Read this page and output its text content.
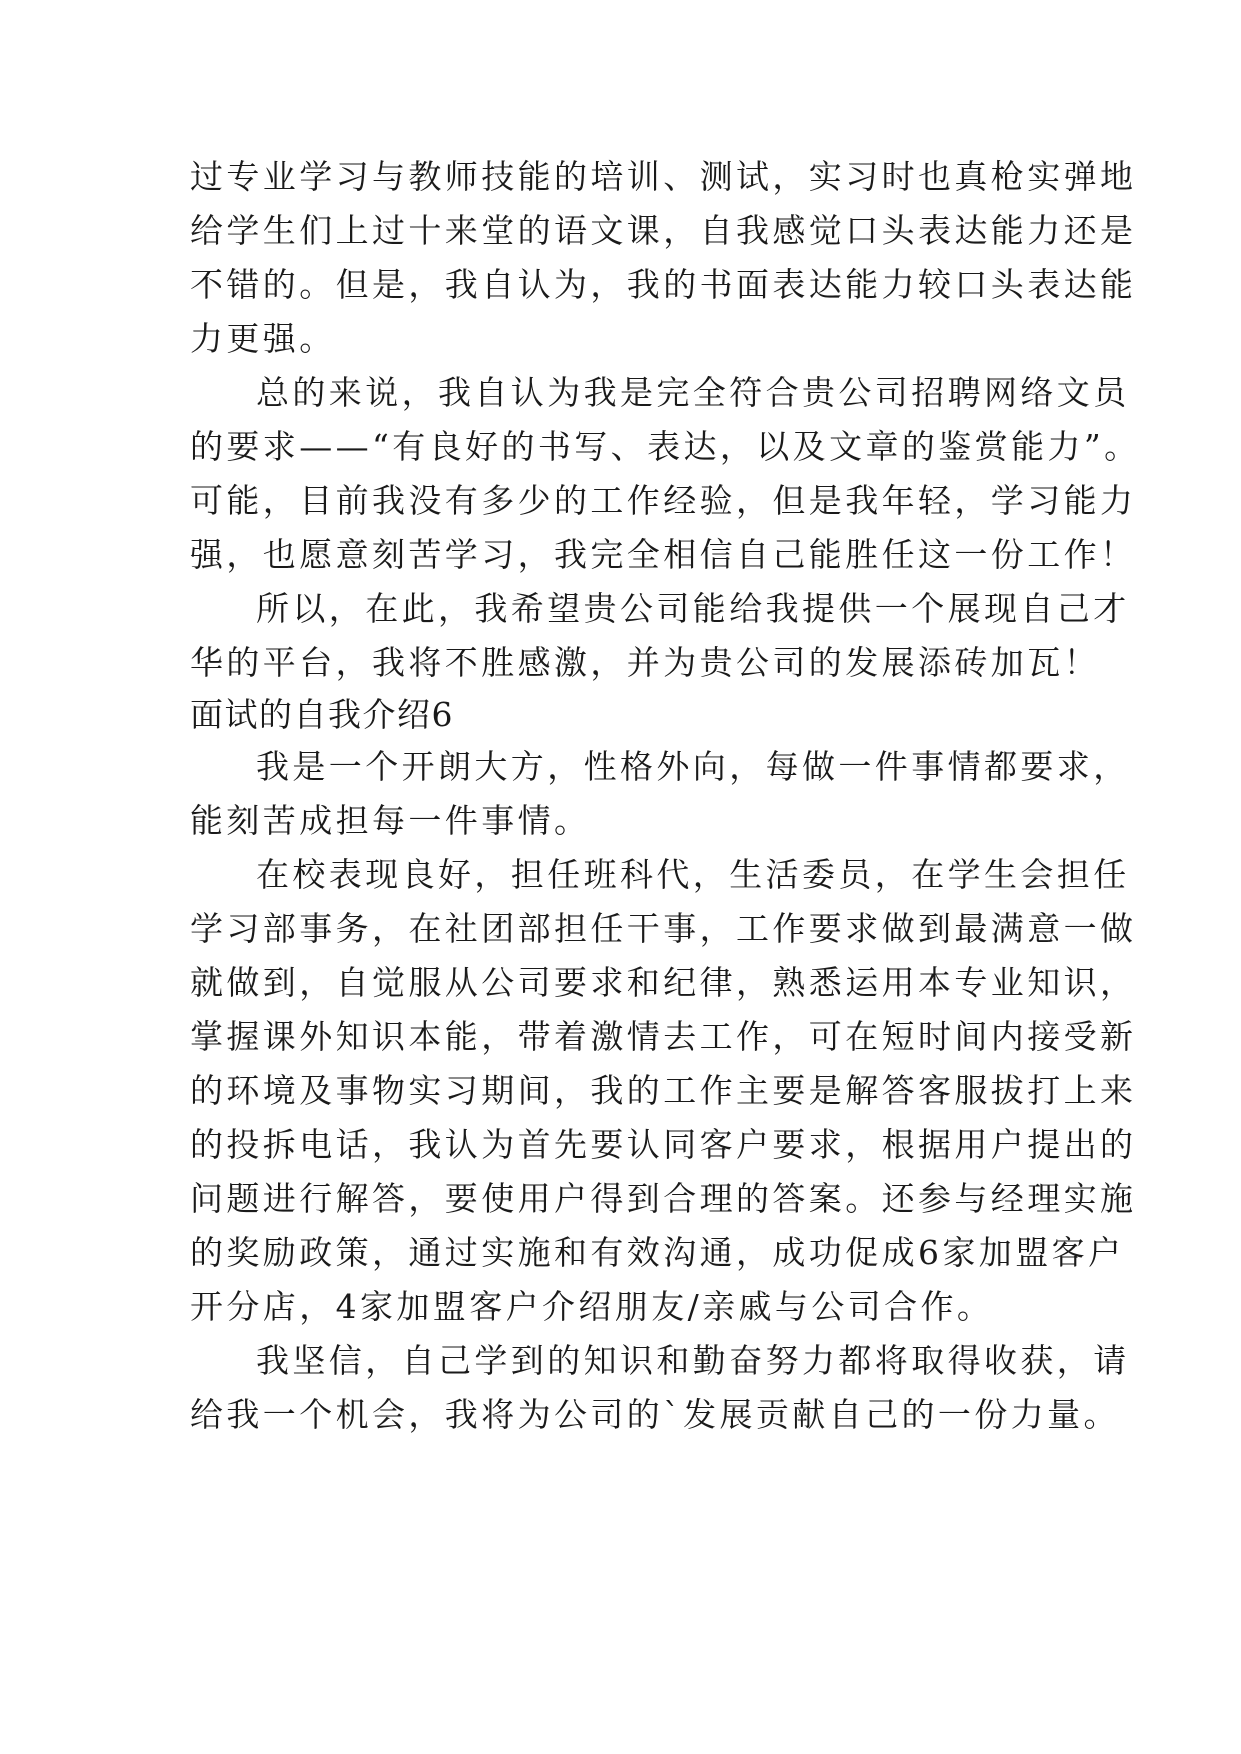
过专业学习与教师技能的培训、测试，实习时也真枪实弹地
给学生们上过十来堂的语文课，自我感觉口头表达能力还是
不错的。但是，我自认为，我的书面表达能力较口头表达能
力更强。
总的来说，我自认为我是完全符合贵公司招聘网络文员
的要求——“有良好的书写、表达，以及文章的鉴赏能力”。
可能，目前我没有多少的工作经验，但是我年轻，学习能力
强，也愿意刻苦学习，我完全相信自己能胜任这一份工作！
所以，在此，我希望贵公司能给我提供一个展现自己才
华的平台，我将不胜感激，并为贵公司的发展添砖加瓦！
面试的自我介绍6
我是一个开朗大方，性格外向，每做一件事情都要求，
能刻苦成担每一件事情。
在校表现良好，担任班科代，生活委员，在学生会担任
学习部事务，在社团部担任干事，工作要求做到最满意一做
就做到，自觉服从公司要求和纪律，熟悉运用本专业知识，
掌握课外知识本能，带着激情去工作，可在短时间内接受新
的环境及事物实习期间，我的工作主要是解答客服拔打上来
的投拆电话，我认为首先要认同客户要求，根据用户提出的
问题进行解答，要使用户得到合理的答案。还参与经理实施
的奖励政策，通过实施和有效沟通，成功促成6家加盟客户
开分店，4家加盟客户介绍朋友/亲戚与公司合作。
我坚信，自己学到的知识和勤奋努力都将取得收获，请
给我一个机会，我将为公司的`发展贡献自己的一份力量。
